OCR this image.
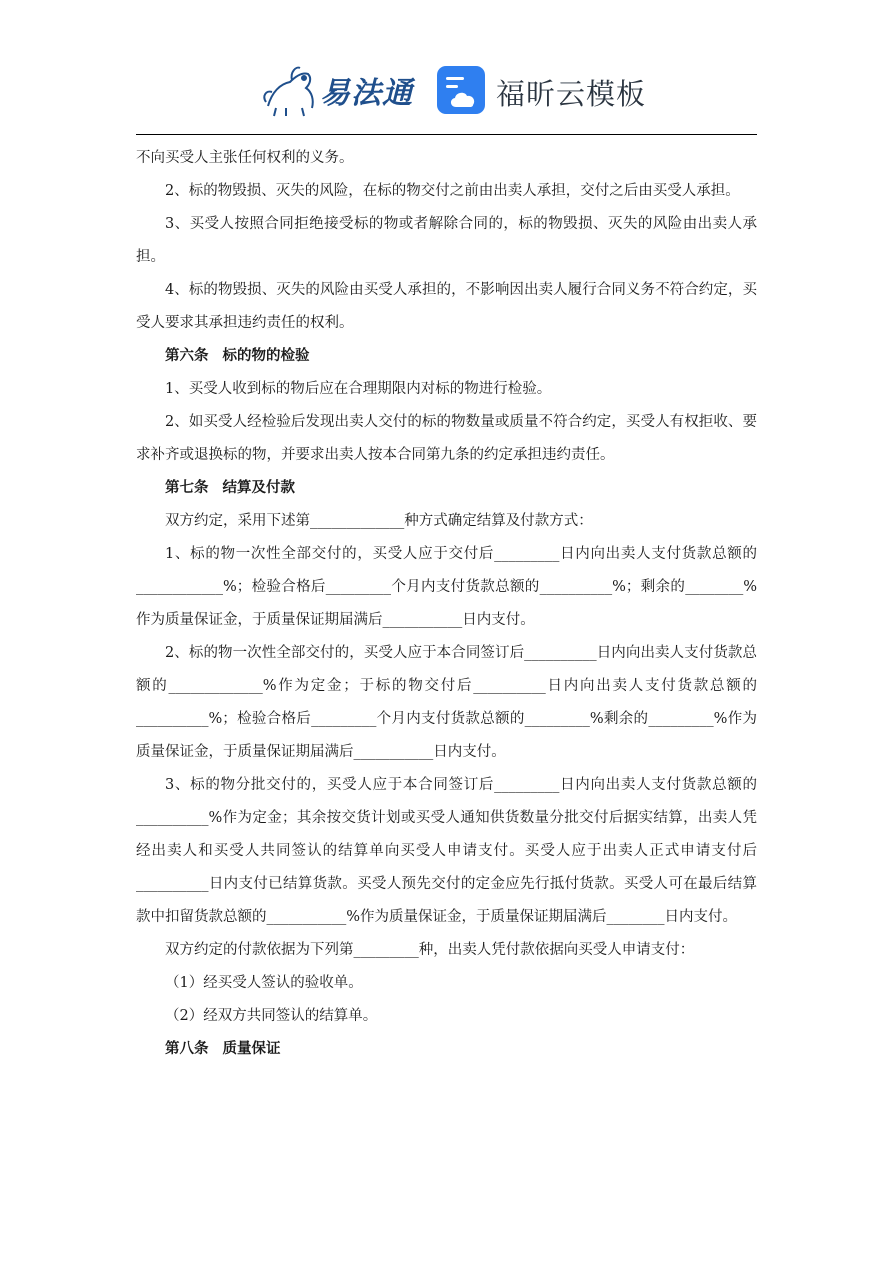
易法通	福昕云模板

不向买受人主张任何权利的义务。

2、标的物毁损、灭失的风险，在标的物交付之前由出卖人承担，交付之后由买受人承担。

3、买受人按照合同拒绝接受标的物或者解除合同的，标的物毁损、灭失的风险由出卖人承担。

4、标的物毁损、灭失的风险由买受人承担的，不影响因出卖人履行合同义务不符合约定，买受人要求其承担违约责任的权利。

第六条 标的物的检验

1、买受人收到标的物后应在合理期限内对标的物进行检验。

2、如买受人经检验后发现出卖人交付的标的物数量或质量不符合约定，买受人有权拒收、要求补齐或退换标的物，并要求出卖人按本合同第九条的约定承担违约责任。

第七条 结算及付款

双方约定，采用下述第_____________种方式确定结算及付款方式：

1、标的物一次性全部交付的，买受人应于交付后_________日内向出卖人支付货款总额的____________%；检验合格后_________个月内支付货款总额的__________%；剩余的________%作为质量保证金，于质量保证期届满后___________日内支付。

2、标的物一次性全部交付的，买受人应于本合同签订后__________日内向出卖人支付货款总额的_____________%作为定金；于标的物交付后__________日内向出卖人支付货款总额的__________%；检验合格后_________个月内支付货款总额的_________%剩余的_________%作为质量保证金，于质量保证期届满后___________日内支付。

3、标的物分批交付的，买受人应于本合同签订后_________日内向出卖人支付货款总额的__________%作为定金；其余按交货计划或买受人通知供货数量分批交付后据实结算，出卖人凭经出卖人和买受人共同签认的结算单向买受人申请支付。买受人应于出卖人正式申请支付后__________日内支付已结算货款。买受人预先交付的定金应先行抵付货款。买受人可在最后结算款中扣留货款总额的___________%作为质量保证金，于质量保证期届满后________日内支付。

双方约定的付款依据为下列第_________种，出卖人凭付款依据向买受人申请支付：

（1）经买受人签认的验收单。

（2）经双方共同签认的结算单。

第八条 质量保证
